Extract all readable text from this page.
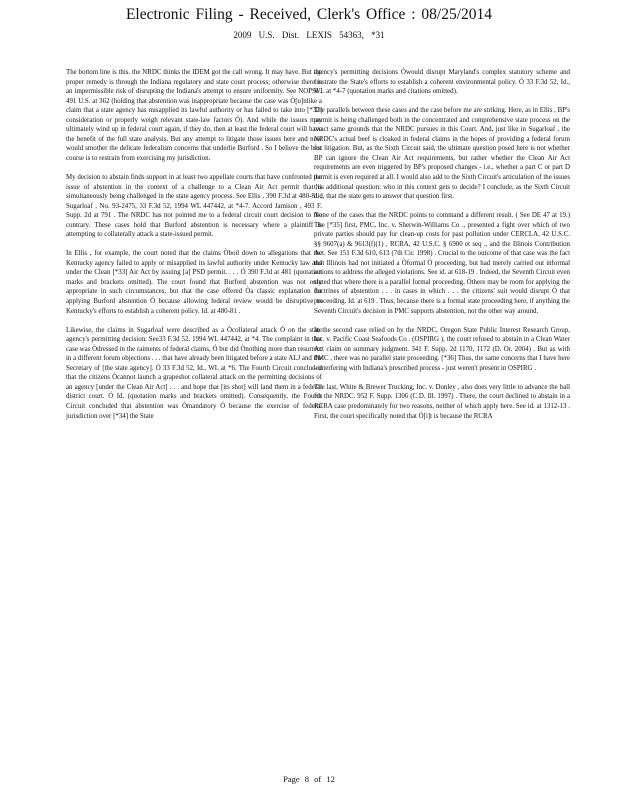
Electronic Filing - Received, Clerk's Office : 08/25/2014
2009 U.S. Dist. LEXIS 54363, *31

The bottom line is this. the NRDC thinks the IDEM got the call wrong. It may have. But the proper remedy is through the Indiana regulatory and state court process; otherwise there is an impermissible risk of disrupting the Indiana's attempt to ensure uniformity. See NOPSI , 491 U.S. at 362 (holding that abstention was inappropriate because the case was Ò[u]nlike a claim that a state agency has misapplied its lawful authority or has failed to take into [*32] consideration or properly weigh relevant state-law factors Ó). And while the issues may ultimately wind up in federal court again, if they do, then at least the federal court will have the benefit of the full state analysis. But any attempt to litigate those issues here and now would smother the delicate federalism concerns that underlie Burford . So I believe the best course is to restrain from exercising my jurisdiction.

My decision to abstain finds support in at least two appellate courts that have confronted the issue of abstention in the context of a challenge to a Clean Air Act permit that is simultaneously being challenged in the state agency process. See Ellis , 390 F.3d at 480-81 ; Sugarloaf , No. 93-2475, 33 F.3d 52, 1994 WL 447442, at *4-7. Accord Jamison , 493 F. Supp. 2d at 791 . The NRDC has not pointed me to a federal circuit court decision to the contrary. These cases hold that Burford abstention is necessary where a plaintiff is attempting to collaterally attack a state-issued permit.

In Ellis , for example, the court noted that the claims Òboil down to allegations that the Kentucky agency failed to apply or misapplied its lawful authority under Kentucky law and under the Clean [*33] Air Act by issuing [a] PSD permit. . . . Ó 390 F.3d at 481 (quotation marks and brackets omitted). The court found that Burford abstention was not only appropriate in such circumstances, but that the case offered Òa classic explanation for applying Burford abstention Ó because allowing federal review would be disruptive to Kentucky's efforts to establish a coherent policy. Id. at 480-81 .

Likewise, the claims in Sugarloaf were described as a Òcollateral attack Ó on the state agency's permitting decision. See33 F.3d 52, 1994 WL 447442, at *4. The complaint in that case was Òdressed in the raiments of federal claims, Ó but did Ònothing more than resurrect in a different forum objections . . . that have already been litigated before a state ALJ and the Secretary of [the state agency]. Ó 33 F.3d 52, Id., WL at *6. The Fourth Circuit concluded that the citizens Òcannot launch a grapeshot collateral attack on the permitting decisions of an agency [under the Clean Air Act] . . . and hope that [its shot] will land them in a federal district court. Ó Id. (quotation marks and brackets omitted). Consequently, the Fourth Circuit concluded that abstention was Òmandatory Ó because the exercise of federal jurisdiction over [*34] the State

agency's permitting decisions Òwould disrupt Maryland's complex statutory scheme and frustrate the State's efforts to establish a coherent environmental policy. Ó 33 F.3d 52, Id., WL at *4-7 (quotation marks and citations omitted).

The parallels between these cases and the case before me are striking. Here, as in Ellis , BP's permit is being challenged both in the concentrated and comprehensive state process on the exact same grounds that the NRDC pursues in this Court. And, just like in Sugarloaf , the NRDC's actual beef is cloaked in federal claims in the hopes of providing a federal forum for litigation. But, as the Sixth Circuit said, the ultimate question posed here is not whether BP can ignore the Clean Air Act requirements, but rather whether the Clean Air Act requirements are even triggered by BP's proposed changes - i.e., whether a part C or part D permit is even required at all. I would also add to the Sixth Circuit's articulation of the issues this additional question: who in this context gets to decide? I conclude, as the Sixth Circuit did, that the state gets to answer that question first.

None of the cases that the NRDC points to command a different result. ( See DE 47 at 19.) The [*35] first, PMC, Inc. v. Sherwin-Williams Co ., presented a fight over which of two private parties should pay for clean-up costs for past pollution under CERCLA, 42 U.S.C. §§ 9607(a) & 9613(f)(1) , RCRA, 42 U.S.C. § 6900 et seq ., and the Illinois Contribution Act. See 151 F.3d 610, 613 (7th Cir. 1998) . Crucial to the outcome of that case was the fact that Illinois had not initiated a Òformal Ó proceeding, but had merely carried out informal actions to address the alleged violations. See id. at 618-19 . Indeed, the Seventh Circuit even stated that where there is a parallel formal proceeding, Òthere may be room for applying the doctrines of abstention . . . in cases in which . . . the citizens' suit would disrupt Ó that proceeding. Id. at 619 . Thus, because there is a formal state proceeding here, if anything the Seventh Circuit's decision in PMC supports abstention, not the other way around.

In the second case relied on by the NRDC, Oregon State Public Interest Research Group, Inc. v. Pacific Coast Seafoods Co . (OSPIRG ), the court refused to abstain in a Clean Water Act claim on summary judgment. 341 F. Supp. 2d 1170, 1172 (D. Or. 2004) . But as with PMC , there was no parallel state proceeding. [*36] Thus, the same concerns that I have here - interfering with Indiana's prescribed process - just weren't present in OSPIRG .

The last, White & Brewer Trucking, Inc. v. Donley , also does very little to advance the ball for the NRDC. 952 F. Supp. 1306 (C.D. Ill. 1997) . There, the court declined to abstain in a RCRA case predominately for two reasons, neither of which apply here. See id. at 1312-13 . First, the court specifically noted that Ò[i]t is because the RCRA

Page 8 of 12
